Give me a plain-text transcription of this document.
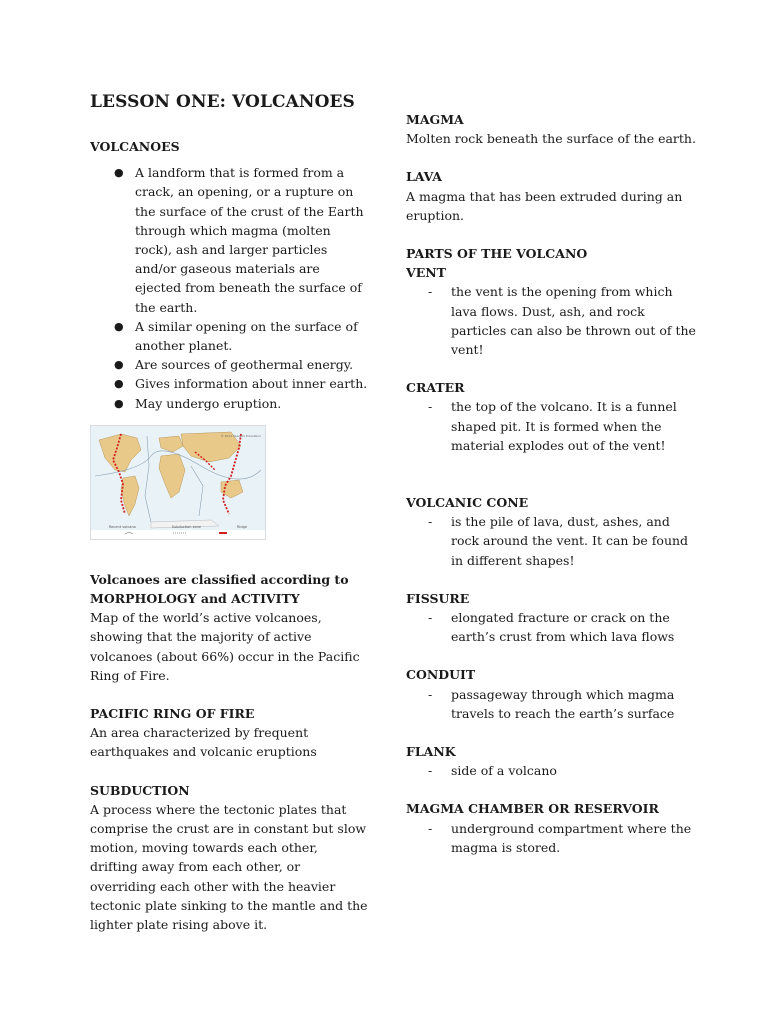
LESSON ONE: VOLCANOES

VOLCANOES

● A landform that is formed from a crack, an opening, or a rupture on the surface of the crust of the Earth through which magma (molten rock), ash and larger particles and/or gaseous materials are ejected from beneath the surface of the earth.
● A similar opening on the surface of another planet.
● Are sources of geothermal energy.
● Gives information about inner earth.
● May undergo eruption.
© 2011 Pearson Education
Recent volcano	Subduction zone	Ridge

Volcanoes are classified according to

MORPHOLOGY and ACTIVITY

Map of the world’s active volcanoes, showing that the majority of active volcanoes (about 66%) occur in the Pacific Ring of Fire.

PACIFIC RING OF FIRE

An area characterized by frequent earthquakes and volcanic eruptions

SUBDUCTION

A process where the tectonic plates that comprise the crust are in constant but slow motion, moving towards each other, drifting away from each other, or overriding each other with the heavier tectonic plate sinking to the mantle and the lighter plate rising above it.

MAGMA

Molten rock beneath the surface of the earth.

LAVA

A magma that has been extruded during an eruption.

PARTS OF THE VOLCANO

VENT

- the vent is the opening from which lava flows. Dust, ash, and rock particles can also be thrown out of the vent!

CRATER

- the top of the volcano. It is a funnel shaped pit. It is formed when the material explodes out of the vent!

VOLCANIC CONE

- is the pile of lava, dust, ashes, and rock around the vent. It can be found in different shapes!

FISSURE

- elongated fracture or crack on the earth’s crust from which lava flows

CONDUIT

- passageway through which magma travels to reach the earth’s surface

FLANK

- side of a volcano

MAGMA CHAMBER OR RESERVOIR

- underground compartment where the magma is stored.
